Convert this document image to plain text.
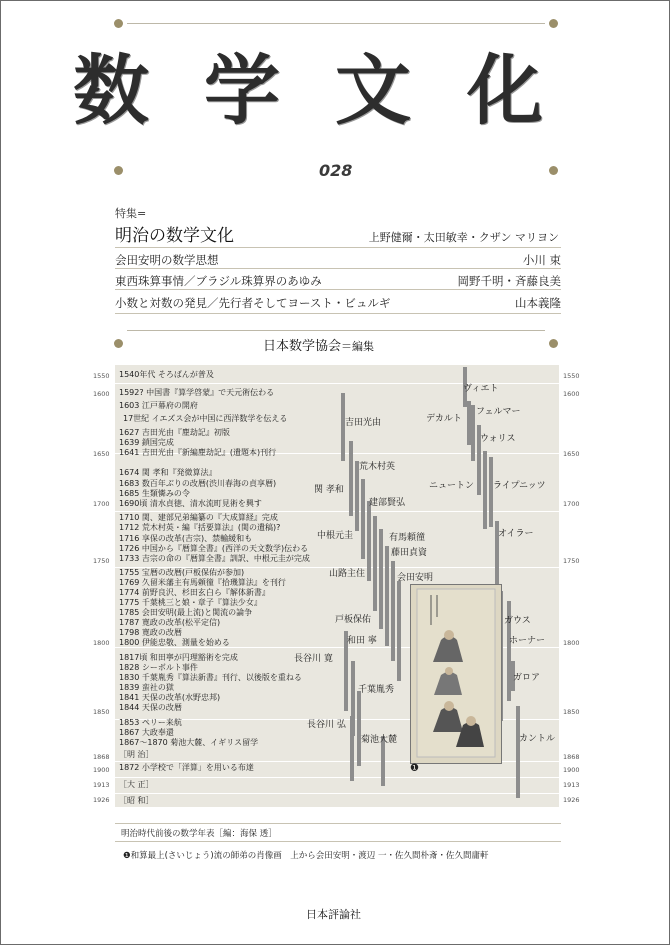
数 学 文 化
028
特集=
明治の数学文化	上野健爾・太田敏幸・クザン マリヨン
会田安明の数学思想	小川 束
東西珠算事情／ブラジル珠算界のあゆみ	岡野千明・斉藤良美
小数と対数の発見／先行者そしてヨースト・ビュルギ	山本義隆
日本数学協会＝編集
1550
1600
1650
1700
1750
1800
1850
1868
1900
1913
1926
1550
1600
1650
1700
1750
1800
1850
1868
1900
1913
1926
1540年代 そろばんが普及
1592? 中国書『算学啓蒙』で天元術伝わる
1603 江戸幕府の開府
17世紀 イエズス会が中国に西洋数学を伝える
1627 吉田光由『塵劫記』初版
1639 鎖国完成
1641 吉田光由『新編塵劫記』(遺題本)刊行
1674 関 孝和『発微算法』
1683 数百年ぶりの改暦(渋川春海の貞享暦)
1685 生類憐みの令
1690頃 清水貞徳、清水流町見術を興す
1710 関、建部兄弟編纂の『大成算経』完成
1712 荒木村英・編『括要算法』(関の遺稿)?
1716 享保の改革(吉宗)、禁輸緩和も
1726 中国から『暦算全書』(西洋の天文数学)伝わる
1733 吉宗の命の『暦算全書』訓訳、中根元圭が完成
1755 宝暦の改暦(戸板保佑が参加)
1769 久留米藩主有馬頼徸『拾璣算法』を刊行
1774 前野良沢、杉田玄白ら『解体新書』
1775 千葉桃三と娘・章子『算法少女』
1785 会田安明(最上流)と関流の論争
1787 寛政の改革(松平定信)
1798 寛政の改暦
1800 伊能忠敬、測量を始める
1817頃 和田寧が円理豁術を完成
1828 シーボルト事件
1830 千葉胤秀『算法新書』刊行、以後版を重ねる
1839 蛮社の獄
1841 天保の改革(水野忠邦)
1844 天保の改暦
1853 ペリー来航
1867 大政奉還
1867〜1870 菊池大麓、イギリス留学
［明 治］
1872 小学校で「洋算」を用いる布達
［大 正］
［昭 和］
吉田光由
関 孝和
荒木村英
建部賢弘
中根元圭	有馬頼徸
藤田貞資
山路主住	会田安明
戸板保佑
和田 寧
長谷川 寛
千葉胤秀
長谷川 弘
菊池大麓
ヴィエト
デカルト
フェルマー
ウォリス
ニュートン ライプニッツ
オイラー
ガウス
ホーナー
ガロア
カントル
❶
明治時代前後の数学年表［編：海保 透］
❶和算最上(さいじょう)流の師弟の肖像画　上から会田安明・渡辺 一・佐久間朴斎・佐久間庸軒
日本評論社
